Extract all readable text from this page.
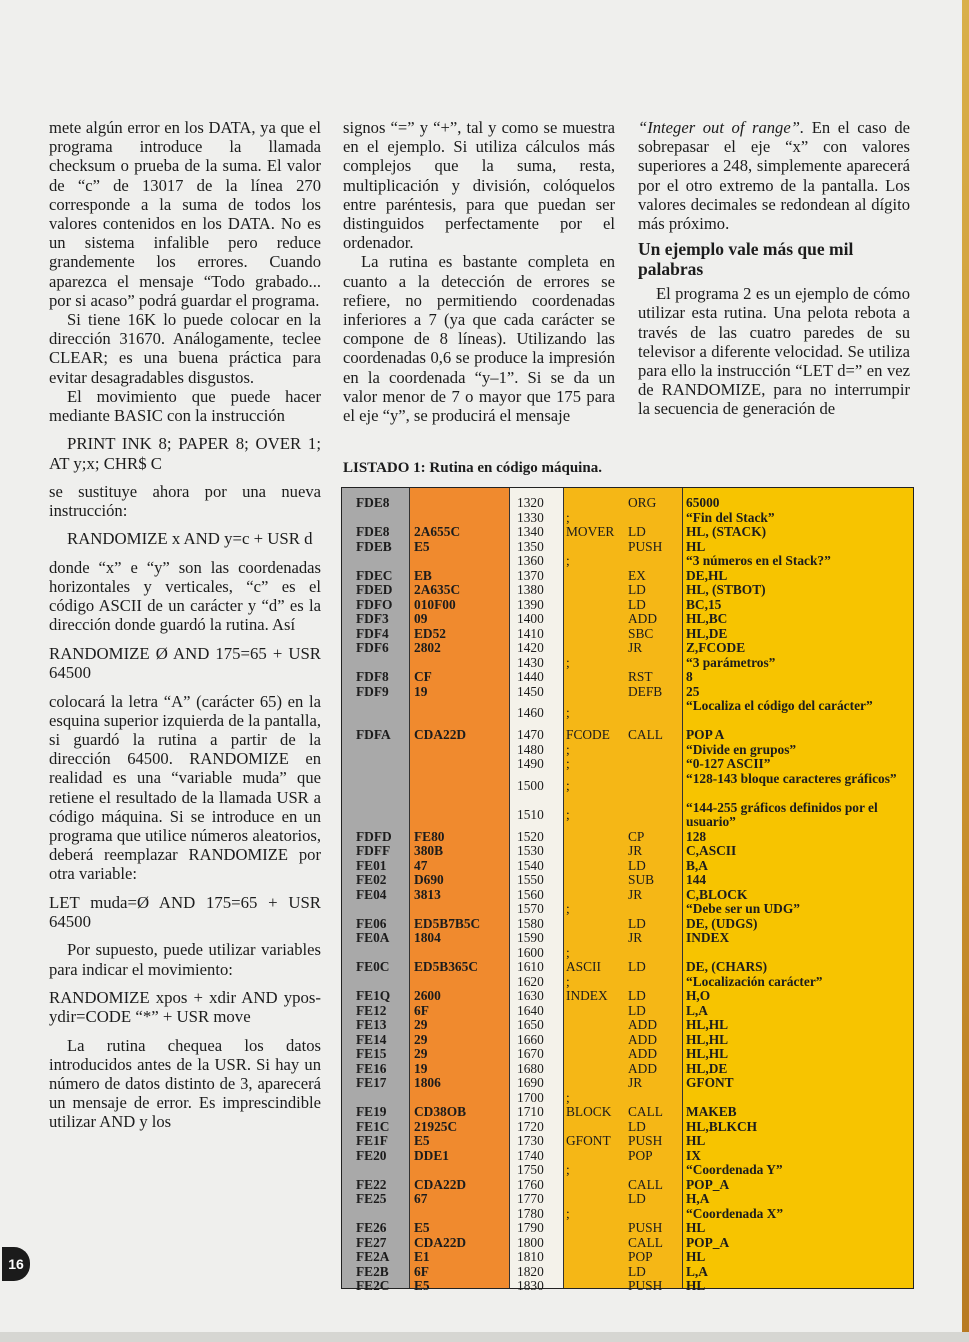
mete algún error en los DATA, ya que el programa introduce la llamada checksum o prueba de la suma. El valor de “c” de 13017 de la línea 270 corresponde a la suma de todos los valores contenidos en los DATA. No es un sistema infalible pero reduce grandemente los errores. Cuando aparezca el mensaje “Todo grabado... por si acaso” podrá guardar el programa.

Si tiene 16K lo puede colocar en la dirección 31670. Análogamente, teclee CLEAR; es una buena práctica para evitar desagradables disgustos.

El movimiento que puede hacer mediante BASIC con la instrucción

PRINT INK 8; PAPER 8; OVER 1; AT y;x; CHR$ C

se sustituye ahora por una nueva instrucción:

RANDOMIZE x AND y=c + USR d

donde “x” e “y” son las coordenadas horizontales y verticales, “c” es el código ASCII de un carácter y “d” es la dirección donde guardó la rutina. Así

RANDOMIZE Ø AND 175=65 + USR 64500

colocará la letra “A” (carácter 65) en la esquina superior izquierda de la pantalla, si guardó la rutina a partir de la dirección 64500. RANDOMIZE en realidad es una “variable muda” que retiene el resultado de la llamada USR a código máquina. Si se introduce en un programa que utilice números aleatorios, deberá reemplazar RANDOMIZE por otra variable:

LET muda=Ø AND 175=65 + USR 64500

Por supuesto, puede utilizar variables para indicar el movimiento:

RANDOMIZE xpos + xdir AND ypos-ydir=CODE “*” + USR move

La rutina chequea los datos introducidos antes de la USR. Si hay un número de datos distinto de 3, aparecerá un mensaje de error. Es imprescindible utilizar AND y los

signos “=” y “+”, tal y como se muestra en el ejemplo. Si utiliza cálculos más complejos que la suma, resta, multiplicación y división, colóquelos entre paréntesis, para que puedan ser distinguidos perfectamente por el ordenador.

La rutina es bastante completa en cuanto a la detección de errores se refiere, no permitiendo coordenadas inferiores a 7 (ya que cada carácter se compone de 8 líneas). Utilizando las coordenadas 0,6 se produce la impresión en la coordenada “y–1”. Si se da un valor menor de 7 o mayor que 175 para el eje “y”, se producirá el mensaje

“Integer out of range”. En el caso de sobrepasar el eje “x” con valores superiores a 248, simplemente aparecerá por el otro extremo de la pantalla. Los valores decimales se redondean al dígito más próximo.

Un ejemplo vale más que mil palabras

El programa 2 es un ejemplo de cómo utilizar esta rutina. Una pelota rebota a través de las cuatro paredes de su televisor a diferente velocidad. Se utiliza para ello la instrucción “LET d=” en vez de RANDOMIZE, para no interrumpir la secuencia de generación de

LISTADO 1: Rutina en código máquina.
FDE8	1320	ORG 65000
1330 ;	“Fin del Stack”
FDE8 2A655C	1340 MOVER LD	HL, (STACK)
FDEB E5	1350	PUSH HL
1360 ;	“3 números en el Stack?”
FDEC EB	1370	EX	DE,HL
FDED 2A635C	1380	LD	HL, (STBOT)
FDFO 010F00	1390	LD	BC,15
FDF3 09	1400	ADD HL,BC
FDF4 ED52	1410	SBC HL,DE
FDF6 2802	1420	JR	Z,FCODE
1430 ;	“3 parámetros”
FDF8 CF	1440	RST 8
FDF9 19	1450	DEFB 25
1460 ;	“Localiza el código del carácter”
FDFA CDA22D	1470 FCODE CALL POP A
1480 ;	“Divide en grupos”
1490 ;	“0-127 ASCII”
1500 ;	“128-143 bloque caracteres gráficos”
1510 ;	“144-255 gráficos definidos por el usuario”
FDFD FE80	1520	CP	128
FDFF 380B	1530	JR	C,ASCII
FE01 47	1540	LD	B,A
FE02 D690	1550	SUB 144
FE04 3813	1560	JR	C,BLOCK
1570 ;	“Debe ser un UDG”
FE06 ED5B7B5C	1580	LD	DE, (UDGS)
FE0A 1804	1590	JR	INDEX
1600 ;
FE0C ED5B365C	1610 ASCII LD	DE, (CHARS)
1620 ;	“Localización carácter”
FE1Q 2600	1630 INDEX LD	H,O
FE12 6F	1640	LD	L,A
FE13 29	1650	ADD HL,HL
FE14 29	1660	ADD HL,HL
FE15 29	1670	ADD HL,HL
FE16 19	1680	ADD HL,DE
FE17 1806	1690	JR	GFONT
1700 ;
FE19 CD38OB	1710 BLOCK CALL MAKEB
FE1C 21925C	1720	LD	HL,BLKCH
FE1F E5	1730 GFONT PUSH HL
FE20 DDE1	1740	POP IX
1750 ;	“Coordenada Y”
FE22 CDA22D	1760	CALL POP_A
FE25 67	1770	LD	H,A
1780 ;	“Coordenada X”
FE26 E5	1790	PUSH HL
FE27 CDA22D	1800	CALL POP_A
FE2A E1	1810	POP HL
FE2B 6F	1820	LD	L,A
FE2C E5	1830	PUSH HL
16
